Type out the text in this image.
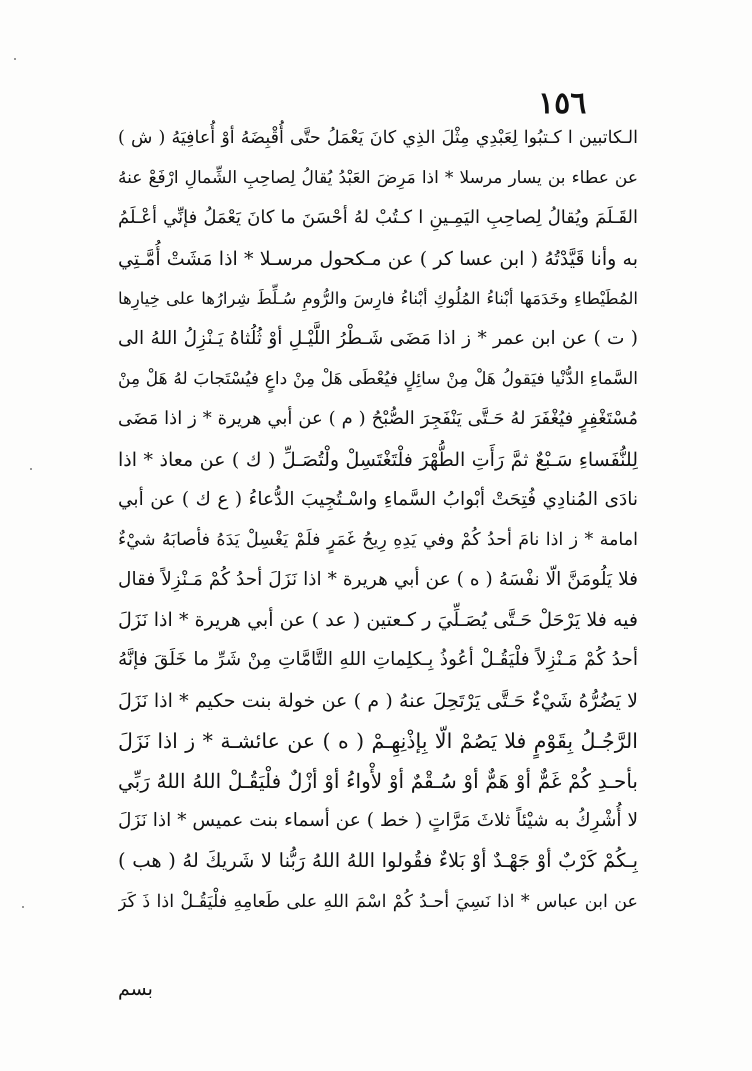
١٥٦
الـكاتبين ا كـتبُوا لِعَبْدِي مِثْلَ الذِي كانَ يَعْمَلُ حتَّى أُقْبِضَهُ أوْ أُعافِيَهُ ( ش )
عن عطاء بن يسار مرسلا * اذا مَرِضَ العَبْدُ يُقالُ لِصاحِبِ الشِّمالِ ارْفَعْ عنهُ
القَـلَمَ ويُقالُ لِصاحِبِ اليَمِـينِ ا كـتُبْ لهُ أحْسَنَ ما كانَ يَعْمَلُ فإنِّي أعْـلَمُ
به وأنا قَيَّدْتُهُ ( ابن عسا كر ) عن مـكحول مرسـلا * اذا مَشَتْ أُمَّـتِي
المُطَيْطاءِ وخَدَمَها أبْناءُ المُلُوكِ أبْناءُ فارِسَ والرُّومِ سُـلِّطَ شِرارُها على خِيارِها
( ت ) عن ابن عمر * ز اذا مَضَى شَـطْرُ اللَّيْـلِ أوْ ثُلُثاهُ يَـنْزِلُ اللهُ الى
السَّماءِ الدُّنْيا فيَقولُ هَلْ مِنْ سائِلٍ فيُعْطَى هَلْ مِنْ داعٍ فيُسْتَجابَ لهُ هَلْ مِنْ
مُسْتَغْفِرٍ فيُغْفَرَ لهُ حَـتَّى يَنْفَجِرَ الصُّبْحُ ( م ) عن أبي هريرة * ز اذا مَضَى
لِلنُّفَساءِ سَـبْعٌ ثمَّ رَأَتِ الطُّهْرَ فلْتَغْتَسِلْ ولْتُصَـلِّ ( ك ) عن معاذ * اذا
نادَى المُنادِي فُتِحَتْ أبْوابُ السَّماءِ واسْـتُجِيبَ الدُّعاءُ ( ع ك ) عن أبي
امامة * ز اذا نامَ أحدُ كُمْ وفي يَدِهِ رِيحُ غَمَرٍ فلَمْ يَغْسِلْ يَدَهُ فأصابَهُ شيْءٌ
فلا يَلُومَنَّ الّا نفْسَهُ ( ه ) عن أبي هريرة * اذا نَزَلَ أحدُ كُمْ مَـنْزِلاً فقال
فيه فلا يَرْحَلْ حَـتَّى يُصَـلِّيَ ر كـعتين ( عد ) عن أبي هريرة * اذا نَزَلَ
أحدُ كُمْ مَـنْزِلاً فلْيَقُـلْ أعُوذُ بِـكلِماتِ اللهِ التَّامَّاتِ مِنْ شَرِّ ما خَلَقَ فإنَّهُ
لا يَضُرُّهُ شَيْءٌ حَـتَّى يَرْتَحِلَ عنهُ ( م ) عن خولة بنت حكيم * اذا نَزَلَ
الرَّجُـلُ بِقَوْمٍ فلا يَصُمْ الّا بِإذْنِهِـمْ ( ه ) عن عائشـة * ز اذا نَزَلَ
بأحـدِ كُمْ غَمٌّ أوْ هَمٌّ أوْ سُـقْمٌ أوْ لأْواءُ أوْ أزْلٌ فلْيَقُـلْ اللهُ اللهُ رَبِّي
لا أُشْرِكُ به شيْئاً ثلاثَ مَرَّاتٍ ( خط ) عن أسماء بنت عميس * اذا نَزَلَ
بِـكُمْ كَرْبٌ أوْ جَهْـدٌ أوْ بَلاءٌ فقُولوا اللهُ اللهُ رَبُّنا لا شَريكَ لهُ ( هب )
عن ابن عباس * اذا نَسِيَ أحـدُ كُمْ اسْمَ اللهِ على طَعامِهِ فلْيَقُـلْ اذا ذَ كَرَ
بسم
